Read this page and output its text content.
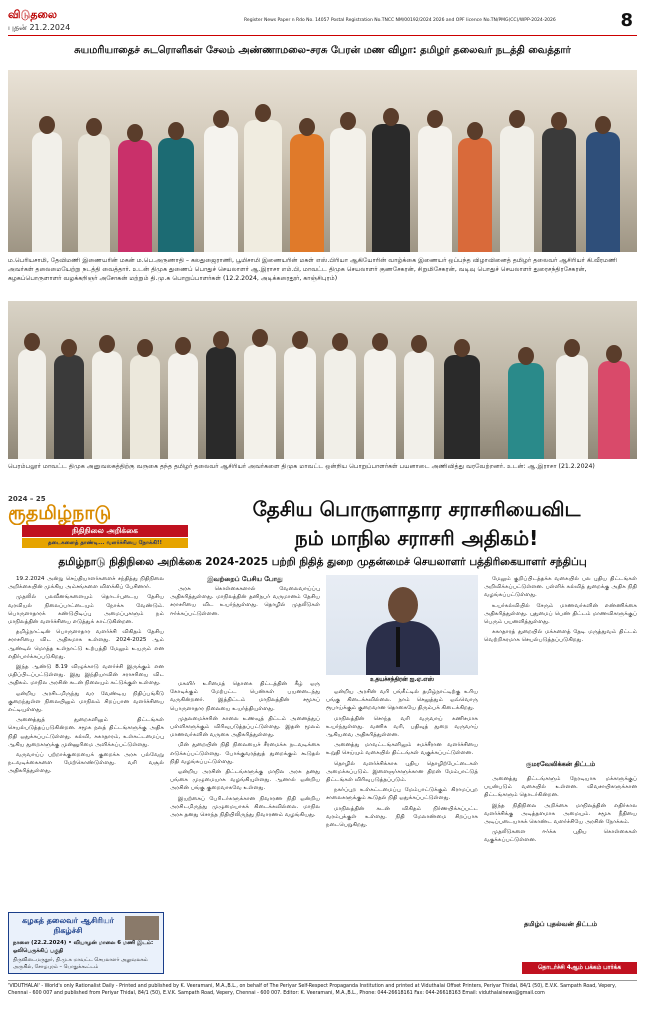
விடுதலை
புதன் 21.2.2024
Register News Paper n Rdo No. 14057 Postal Registration No.TNCC NM/00192/2024 2026 and OPF licence No.TN/PMG(CC)/WPP-2024-2026	8
சுயமரியாதைச் சுடரொளிகள் சேலம் அண்ணாமலை-சரசு பேரன் மண விழா: தமிழர் தலைவர் நடத்தி வைத்தார்
ம.பெரியசாமி, தேவிமணி இணையரின் மகன் ம.பெ.அருணாதி – கலதுஜைராணி, பூமிசாமி இணையரின் மகள் எஸ்.பிரியா ஆகியோரின் வாழ்க்கை இணையர் ஒப்பந்த விழாவினைத் தமிழர் தலைவர் ஆசிரியர் கி.வீரமணி அவர்கள் தலைமையேற்று நடத்தி வைத்தார். உடன் திமுக துணைப் பொதுச் செயலாளர் ஆ.இராசா எம்.பி, மாவட்ட திமுக செயலாளர் குணசேகரன், சிறுமிசேகரன், வடிவு பொதுச் செயலாளர் துரைசந்திரசேகரன், கழகப்பொருளாளர் வழக்கறிஞர் அசோகன் மற்றும் தி.மு.க பொறுப்பாளர்கள் (12.2.2024, அடிக்கரைதூர், காஞ்சிபுரம்)
பெரம்பலூர் மாவட்ட திமுக அனுவலகத்திற்கு வருகை தந்த தமிழர் தலைவர் ஆசிரியர் அவர்களை திமுக மாவட்ட ஒன்றிய பொறுப்பாளர்கள் பயனாடை அணிவித்து வரவேற்றனர். உடன்: ஆ.இராசா (21.2.2024)
2024 – 25
ரூதமிழ்நாடு
நிதிநிலை அறிக்கை
தடைகளைத் தாண்டி... வளர்ச்சியை நோக்கி!!
தேசிய பொருளாதார சராசரியைவிட
நம் மாநில சராசரி அதிகம்!
தமிழ்நாடு நிதிநிலை அறிக்கை 2024-2025 பற்றி நிதித் துறை முதன்மைச் செயலாளர் பத்திரிகையாளர் சந்திப்பு

19.2.2024 அன்று செய்தியாளர்களைச் சந்தித்து நிதிநிலை அறிக்கையின் முக்கிய அம்சங்களை விளக்கிப் பேசினார்.

முதலில் பலவீனங்களையும் தொடர்புடைய தேசிய வரவியல் நிலைப்பாட்டையும் நோக்க வேண்டும். பொருளாதாரக் கண்டுபிடிப்பு அமைப்புகளும் நம் மாநிலத்தின் வளர்ச்சியை எடுத்துக் காட்டுகின்றன.

தமிழ்நாட்டின் பொருளாதார வளர்ச்சி விகிதம் தேசிய சராசரியை விட அதிகமாக உள்ளது. 2024-2025 ஆம் ஆண்டில் மொத்த உள்நாட்டு உற்பத்தி மேலும் உயரும் என எதிர்பார்க்கப்படுகிறது.

இந்த ஆண்டு 8.19 விழுக்காடு வளர்ச்சி இருக்கும் என மதிப்பிடப்பட்டுள்ளது. இது இந்தியாவின் சராசரியை விட அதிகம். மாநில அரசின் கடன் நிலையும் கட்டுக்குள் உள்ளது.

ஒன்றிய அரசிடமிருந்து வர வேண்டிய நிதிப்பங்கீடு குறைந்துள்ள நிலையிலும் மாநிலம் சிறப்பான வளர்ச்சியை எட்டியுள்ளது.

அனைத்துத் துறைகளிலும் திட்டங்கள் செயல்படுத்தப்படுகின்றன. சமூக நலத் திட்டங்களுக்கு அதிக நிதி ஒதுக்கப்பட்டுள்ளது. கல்வி, சுகாதாரம், உள்கட்டமைப்பு ஆகிய துறைகளுக்கு முன்னுரிமை அளிக்கப்பட்டுள்ளது.

வருவாய்ப் பற்றாக்குறையைக் குறைக்க அரசு பல்வேறு நடவடிக்கைகளை மேற்கொண்டுள்ளது. வரி வசூல் அதிகரித்துள்ளது.

இவற்றைப் பேசிய போது

அரசு கொள்கைகளால் வேலைவாய்ப்பு அதிகரித்துள்ளது. மாநிலத்தின் தனிநபர் வருமானம் தேசிய சராசரியை விட உயர்ந்துள்ளது. தொழில் முதலீடுகள் ஈர்க்கப்பட்டுள்ளன.

மகளிர் உரிமைத் தொகை திட்டத்தின் கீழ் ஒரு கோடிக்கும் மேற்பட்ட பெண்கள் பயனடைந்து வருகின்றனர். இத்திட்டம் மாநிலத்தின் சமூகப் பொருளாதார நிலையை உயர்த்தியுள்ளது.

முதலமைச்சரின் காலை உணவுத் திட்டம் அனைத்துப் பள்ளிகளுக்கும் விரிவுபடுத்தப்பட்டுள்ளது. இதன் மூலம் மாணவர்களின் வருகை அதிகரித்துள்ளது.

மின் துறையின் நிதி நிலையைச் சீரமைக்க நடவடிக்கை எடுக்கப்பட்டுள்ளது. போக்குவரத்துத் துறைக்கும் கூடுதல் நிதி வழங்கப்பட்டுள்ளது.

ஒன்றிய அரசின் திட்டங்களுக்கு மாநில அரசு தனது பங்கை முழுமையாக வழங்கியுள்ளது. ஆனால் ஒன்றிய அரசின் பங்கு குறைவாகவே உள்ளது.

இயற்கைப் பேரிடர்களுக்கான நிவாரண நிதி ஒன்றிய அரசிடமிருந்து முழுமையாகக் கிடைக்கவில்லை. மாநில அரசு தனது சொந்த நிதியிலிருந்து நிவாரணம் வழங்கியது.

உதயச்சந்திரன் ஐ.ஏ.எஸ்

ஒன்றிய அரசின் வரி பங்கீட்டில் தமிழ்நாட்டிற்கு உரிய பங்கு கிடைக்கவில்லை. நாம் செலுத்தும் ஒவ்வொரு ரூபாய்க்கும் குறைவான தொகையே திரும்பக் கிடைக்கிறது.

மாநிலத்தின் சொந்த வரி வருவாய் கணிசமாக உயர்ந்துள்ளது. வணிக வரி, பதிவுத் துறை வருவாய் ஆகியவை அதிகரித்துள்ளன.

அனைத்து மாவட்டங்களிலும் சமச்சீரான வளர்ச்சியை உறுதி செய்யும் வகையில் திட்டங்கள் வகுக்கப்பட்டுள்ளன.

தொழில் வளர்ச்சிக்காக புதிய தொழிற்பேட்டைகள் அமைக்கப்படும். இளைஞர்களுக்கான திறன் மேம்பாட்டுத் திட்டங்கள் விரிவுபடுத்தப்படும்.

நகர்ப்புற உள்கட்டமைப்பு மேம்பாட்டுக்கும் கிராமப்புற சாலைகளுக்கும் கூடுதல் நிதி ஒதுக்கப்பட்டுள்ளது.

மாநிலத்தின் கடன் விகிதம் நிர்ணயிக்கப்பட்ட வரம்புக்குள் உள்ளது. நிதி மேலாண்மை சிறப்பாக நடைபெறுகிறது.

மேலும் குறிப்பிடத்தக்க வகையில் பல புதிய திட்டங்கள் அறிவிக்கப்பட்டுள்ளன. பள்ளிக் கல்வித் துறைக்கு அதிக நிதி வழங்கப்பட்டுள்ளது.

உயர்கல்வியில் சேரும் மாணவர்களின் எண்ணிக்கை அதிகரித்துள்ளது. புதுமைப் பெண் திட்டம் மாணவிகளுக்குப் பெரும் பயனளித்துள்ளது.

சுகாதாரத் துறையில் மக்களைத் தேடி மருத்துவம் திட்டம் வெற்றிகரமாக செயல்படுத்தப்படுகிறது.

குமரவேலிக்கன் திட்டம்

அனைத்து திட்டங்களும் நேரடியாக மக்களுக்குப் பயன்படும் வகையில் உள்ளன. விவசாயிகளுக்கான திட்டங்களும் தொடர்கின்றன.

இந்த நிதிநிலை அறிக்கை மாநிலத்தின் எதிர்கால வளர்ச்சிக்கு அடித்தளமாக அமையும். சமூக நீதியை அடிப்படையாகக் கொண்ட வளர்ச்சியே அரசின் நோக்கம்.

முதலீடுகளை ஈர்க்க புதிய கொள்கைகள் வகுக்கப்பட்டுள்ளன.

தமிழ்ப் புதல்வன் திட்டம்
கழகத் தலைவர் ஆசிரியர் நிகழ்ச்சி
நாளை (22.2.2024) • வியாழன் மாலை 6 மணி இடம்: ஒலிபெருக்கிப் பகுதி
திருவிடைமருதூர், தி.மு.க மாவட்ட செயலாளர் அலுவலகம் அருகில், சோழபுரம் – பொதுக்கூட்டம்	தொடர்ச்சி 4ஆம் பக்கம் பார்க்க
'VIDUTHALAI' - World's only Rationalist Daily - Printed and published by K. Veeramani, M.A.,B.L., on behalf of The Periyar Self-Respect Propaganda Institution and printed at Viduthalai Offset Printers, Periyar Thidal, 84/1 (50), E.V.K. Sampath Road, Vepery, Chennai - 600 007 and published from Periyar Thidal, 84/1 (50), E.V.K. Sampath Road, Vepery, Chennai - 600 007. Editor: K. Veeramani, M.A.,B.L., Phone: 044-26618161 Fax: 044-26618163 Email: viduthalainews@gmail.com
